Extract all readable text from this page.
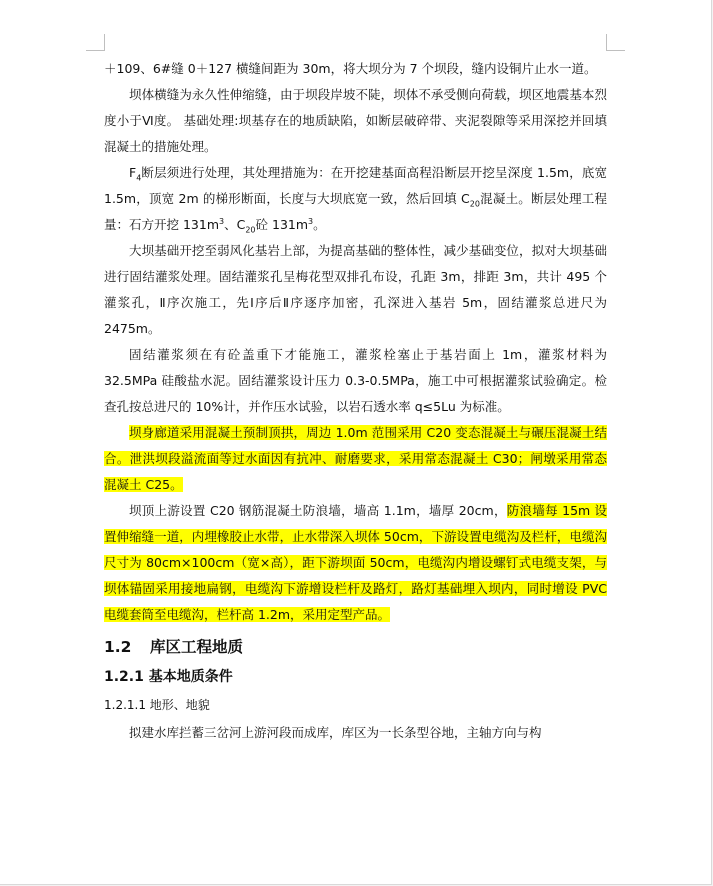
＋109、6#缝 0＋127 横缝间距为 30m，将大坝分为 7 个坝段，缝内设铜片止水一道。

坝体横缝为永久性伸缩缝，由于坝段岸坡不陡，坝体不承受侧向荷载，坝区地震基本烈度小于Ⅵ度。 基础处理:坝基存在的地质缺陷，如断层破碎带、夹泥裂隙等采用深挖并回填混凝土的措施处理。

$F_4$断层须进行处理，其处理措施为：在开挖建基面高程沿断层开挖呈深度 1.5m，底宽 1.5m，顶宽 2m 的梯形断面，长度与大坝底宽一致，然后回填 $C_{20}$混凝土。断层处理工程量：石方开挖 $131m^3$、$C_{20}$砼 $131m^3$。

大坝基础开挖至弱风化基岩上部，为提高基础的整体性，减少基础变位，拟对大坝基础进行固结灌浆处理。固结灌浆孔呈梅花型双排孔布设，孔距 3m，排距 3m，共计 495 个灌浆孔，Ⅱ序次施工，先Ⅰ序后Ⅱ序逐序加密，孔深进入基岩 5m，固结灌浆总进尺为 2475m。

固结灌浆须在有砼盖重下才能施工，灌浆栓塞止于基岩面上 1m，灌浆材料为 32.5MPa 硅酸盐水泥。固结灌浆设计压力 0.3-0.5MPa，施工中可根据灌浆试验确定。检查孔按总进尺的 10%计，并作压水试验，以岩石透水率 q≤5Lu 为标准。

坝身廊道采用混凝土预制顶拱，周边 1.0m 范围采用 C20 变态混凝土与碾压混凝土结合。泄洪坝段溢流面等过水面因有抗冲、耐磨要求，采用常态混凝土 C30；闸墩采用常态混凝土 C25。

坝顶上游设置 C20 钢筋混凝土防浪墙，墙高 1.1m，墙厚 20cm，防浪墙每 15m 设置伸缩缝一道，内埋橡胶止水带，止水带深入坝体 50cm，下游设置电缆沟及栏杆，电缆沟尺寸为 80cm×100cm（宽×高），距下游坝面 50cm，电缆沟内增设螺钉式电缆支架，与坝体锚固采用接地扁钢，电缆沟下游增设栏杆及路灯，路灯基础埋入坝内，同时增设 PVC 电缆套筒至电缆沟，栏杆高 1.2m，采用定型产品。

1.2 库区工程地质

1.2.1 基本地质条件

1.2.1.1 地形、地貌

拟建水库拦蓄三岔河上游河段而成库，库区为一长条型谷地，主轴方向与构
